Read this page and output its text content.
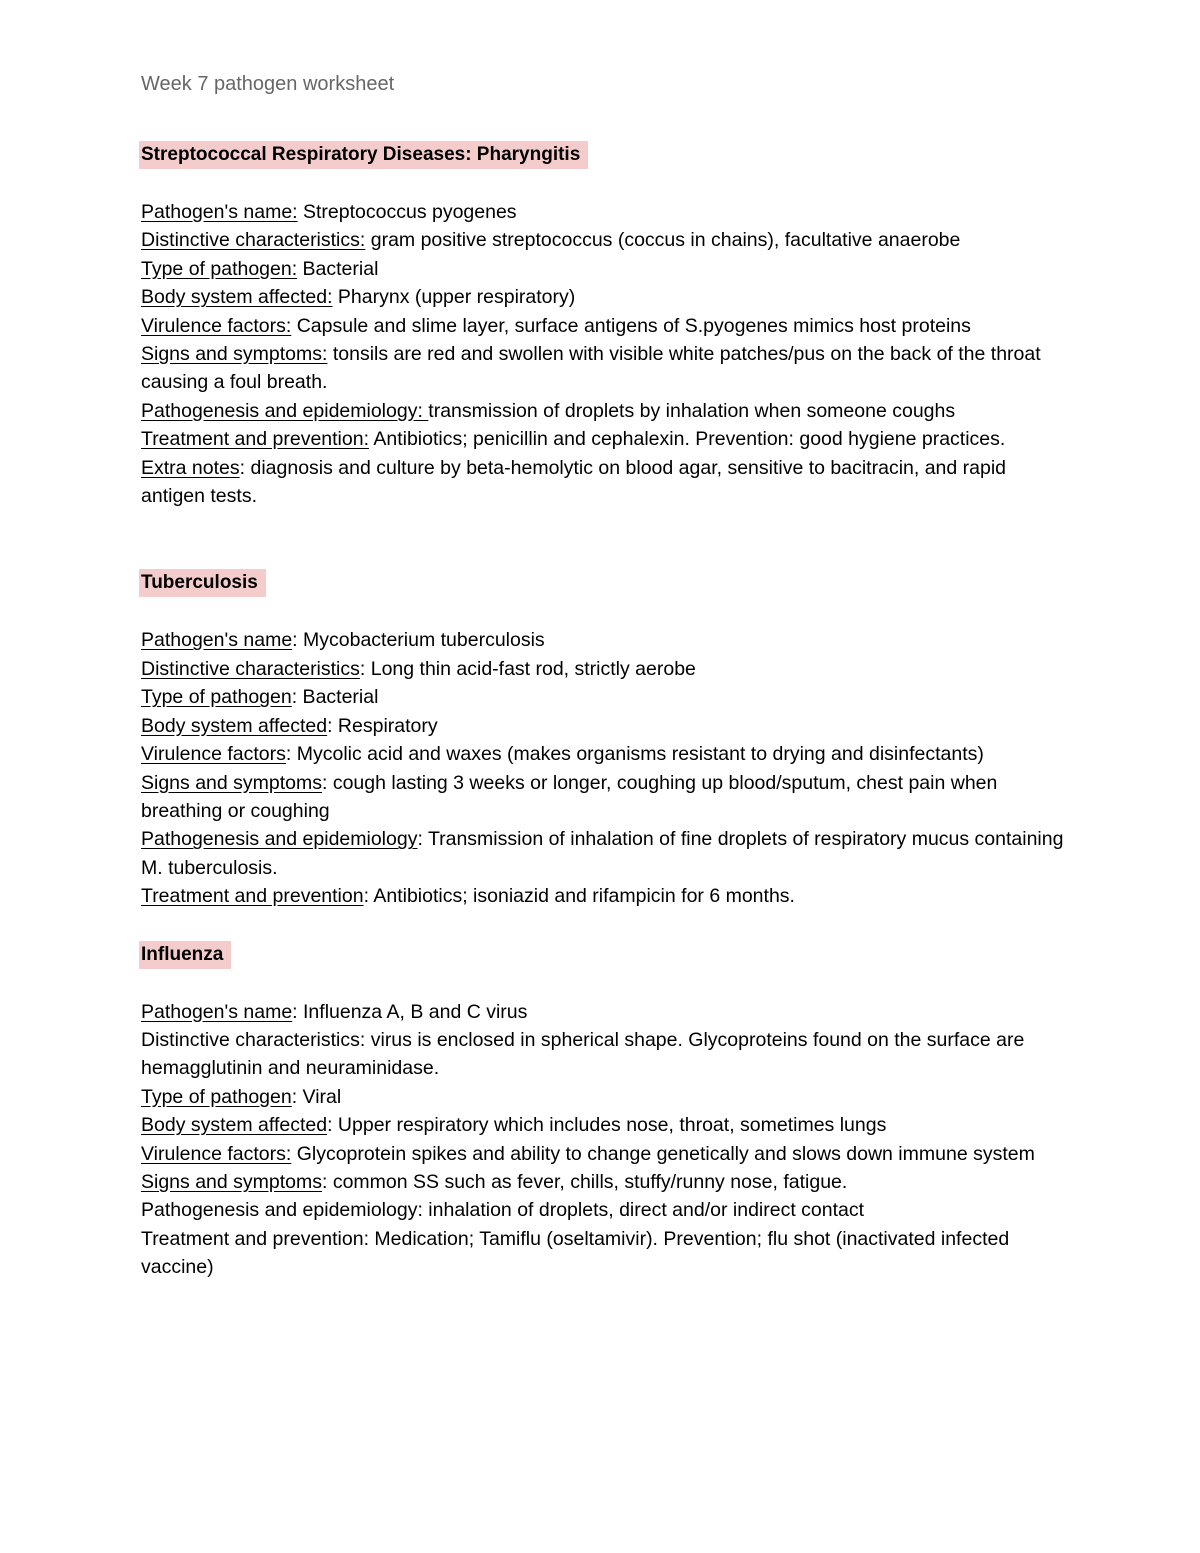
Week 7 pathogen worksheet

Streptococcal Respiratory Diseases: Pharyngitis

Pathogen's name: Streptococcus pyogenes

Distinctive characteristics: gram positive streptococcus (coccus in chains), facultative anaerobe

Type of pathogen: Bacterial

Body system affected: Pharynx (upper respiratory)

Virulence factors: Capsule and slime layer, surface antigens of S.pyogenes mimics host proteins

Signs and symptoms: tonsils are red and swollen with visible white patches/pus on the back of the throat causing a foul breath.

Pathogenesis and epidemiology: transmission of droplets by inhalation when someone coughs

Treatment and prevention: Antibiotics; penicillin and cephalexin. Prevention: good hygiene practices.

Extra notes: diagnosis and culture by beta-hemolytic on blood agar, sensitive to bacitracin, and rapid antigen tests.

Tuberculosis

Pathogen's name: Mycobacterium tuberculosis

Distinctive characteristics: Long thin acid-fast rod, strictly aerobe

Type of pathogen: Bacterial

Body system affected: Respiratory

Virulence factors: Mycolic acid and waxes (makes organisms resistant to drying and disinfectants)

Signs and symptoms: cough lasting 3 weeks or longer, coughing up blood/sputum, chest pain when breathing or coughing

Pathogenesis and epidemiology: Transmission of inhalation of fine droplets of respiratory mucus containing M. tuberculosis.

Treatment and prevention: Antibiotics; isoniazid and rifampicin for 6 months.

Influenza

Pathogen's name: Influenza A, B and C virus

Distinctive characteristics: virus is enclosed in spherical shape. Glycoproteins found on the surface are hemagglutinin and neuraminidase.

Type of pathogen: Viral

Body system affected: Upper respiratory which includes nose, throat, sometimes lungs

Virulence factors: Glycoprotein spikes and ability to change genetically and slows down immune system

Signs and symptoms: common SS such as fever, chills, stuffy/runny nose, fatigue.

Pathogenesis and epidemiology: inhalation of droplets, direct and/or indirect contact

Treatment and prevention: Medication; Tamiflu (oseltamivir). Prevention; flu shot (inactivated infected vaccine)
